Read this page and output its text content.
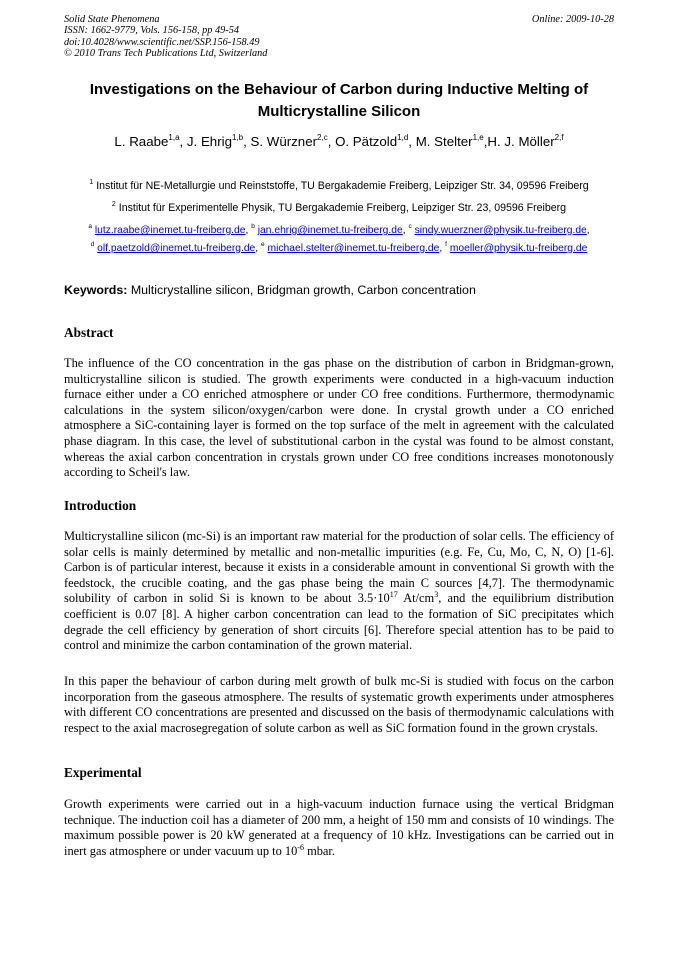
Solid State Phenomena
ISSN: 1662-9779, Vols. 156-158, pp 49-54
doi:10.4028/www.scientific.net/SSP.156-158.49
© 2010 Trans Tech Publications Ltd, Switzerland
Online: 2009-10-28
Investigations on the Behaviour of Carbon during Inductive Melting of
Multicrystalline Silicon
L. Raabe$^{1,a}$, J. Ehrig$^{1,b}$, S. Würzner$^{2,c}$, O. Pätzold$^{1,d}$, M. Stelter$^{1,e}$,H. J. Möller$^{2,f}$
$^1$ Institut für NE-Metallurgie und Reinststoffe, TU Bergakademie Freiberg, Leipziger Str. 34, 09596 Freiberg
$^2$ Institut für Experimentelle Physik, TU Bergakademie Freiberg, Leipziger Str. 23, 09596 Freiberg
$^a$ lutz.raabe@inemet.tu-freiberg.de, $^b$ jan.ehrig@inemet.tu-freiberg.de, $^c$ sindy.wuerzner@physik.tu-freiberg.de,
$^d$ olf.paetzold@inemet.tu-freiberg.de, $^e$ michael.stelter@inemet.tu-freiberg.de, $^f$ moeller@physik.tu-freiberg.de
Keywords: Multicrystalline silicon, Bridgman growth, Carbon concentration
Abstract
The influence of the CO concentration in the gas phase on the distribution of carbon in Bridgman-grown, multicrystalline silicon is studied. The growth experiments were conducted in a high-vacuum induction furnace either under a CO enriched atmosphere or under CO free conditions. Furthermore, thermodynamic calculations in the system silicon/oxygen/carbon were done. In crystal growth under a CO enriched atmosphere a SiC-containing layer is formed on the top surface of the melt in agreement with the calculated phase diagram. In this case, the level of substitutional carbon in the cystal was found to be almost constant, whereas the axial carbon concentration in crystals grown under CO free conditions increases monotonously according to Scheil's law.
Introduction
Multicrystalline silicon (mc-Si) is an important raw material for the production of solar cells. The efficiency of solar cells is mainly determined by metallic and non-metallic impurities (e.g. Fe, Cu, Mo, C, N, O) [1-6]. Carbon is of particular interest, because it exists in a considerable amount in conventional Si growth with the feedstock, the crucible coating, and the gas phase being the main C sources [4,7]. The thermodynamic solubility of carbon in solid Si is known to be about $3.5\cdot 10^{17}$ $At/cm^3$, and the equilibrium distribution coefficient is 0.07 [8]. A higher carbon concentration can lead to the formation of SiC precipitates which degrade the cell efficiency by generation of short circuits [6]. Therefore special attention has to be paid to control and minimize the carbon contamination of the grown material.
In this paper the behaviour of carbon during melt growth of bulk mc-Si is studied with focus on the carbon incorporation from the gaseous atmosphere. The results of systematic growth experiments under atmospheres with different CO concentrations are presented and discussed on the basis of thermodynamic calculations with respect to the axial macrosegregation of solute carbon as well as SiC formation found in the grown crystals.
Experimental
Growth experiments were carried out in a high-vacuum induction furnace using the vertical Bridgman technique. The induction coil has a diameter of 200 mm, a height of 150 mm and consists of 10 windings. The maximum possible power is 20 kW generated at a frequency of 10 kHz. Investigations can be carried out in inert gas atmosphere or under vacuum up to $10^{-6}$ mbar.
